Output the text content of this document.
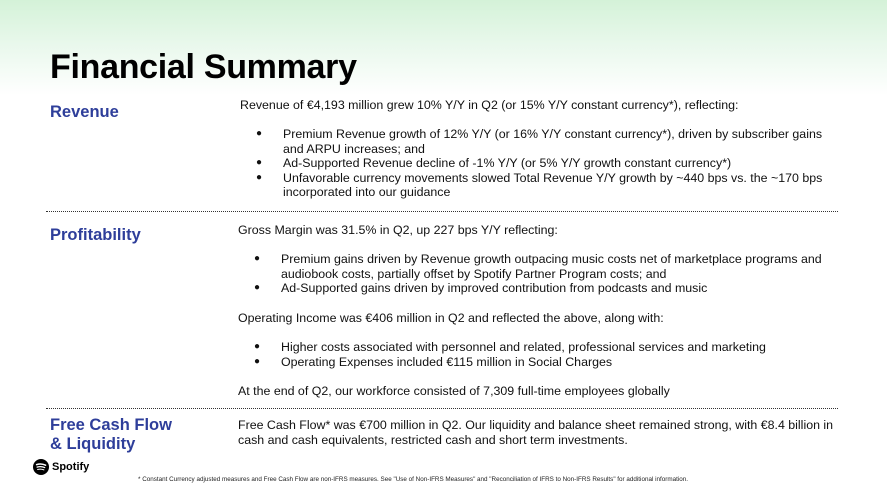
Financial Summary
Revenue	Revenue of €4,193 million grew 10% Y/Y in Q2 (or 15% Y/Y constant currency*), reflecting:
● Premium Revenue growth of 12% Y/Y (or 16% Y/Y constant currency*), driven by subscriber gains and ARPU increases; and
● Ad-Supported Revenue decline of -1% Y/Y (or 5% Y/Y growth constant currency*)
● Unfavorable currency movements slowed Total Revenue Y/Y growth by ~440 bps vs. the ~170 bps incorporated into our guidance
Profitability	Gross Margin was 31.5% in Q2, up 227 bps Y/Y reflecting:
● Premium gains driven by Revenue growth outpacing music costs net of marketplace programs and audiobook costs, partially offset by Spotify Partner Program costs; and
● Ad-Supported gains driven by improved contribution from podcasts and music
Operating Income was €406 million in Q2 and reflected the above, along with:
● Higher costs associated with personnel and related, professional services and marketing
● Operating Expenses included €115 million in Social Charges
At the end of Q2, our workforce consisted of 7,309 full-time employees globally
Free Cash Flow
& Liquidity
Free Cash Flow* was €700 million in Q2. Our liquidity and balance sheet remained strong, with €8.4 billion in cash and cash equivalents, restricted cash and short term investments.
Spotify
* Constant Currency adjusted measures and Free Cash Flow are non-IFRS measures. See "Use of Non-IFRS Measures" and "Reconciliation of IFRS to Non-IFRS Results" for additional information.
